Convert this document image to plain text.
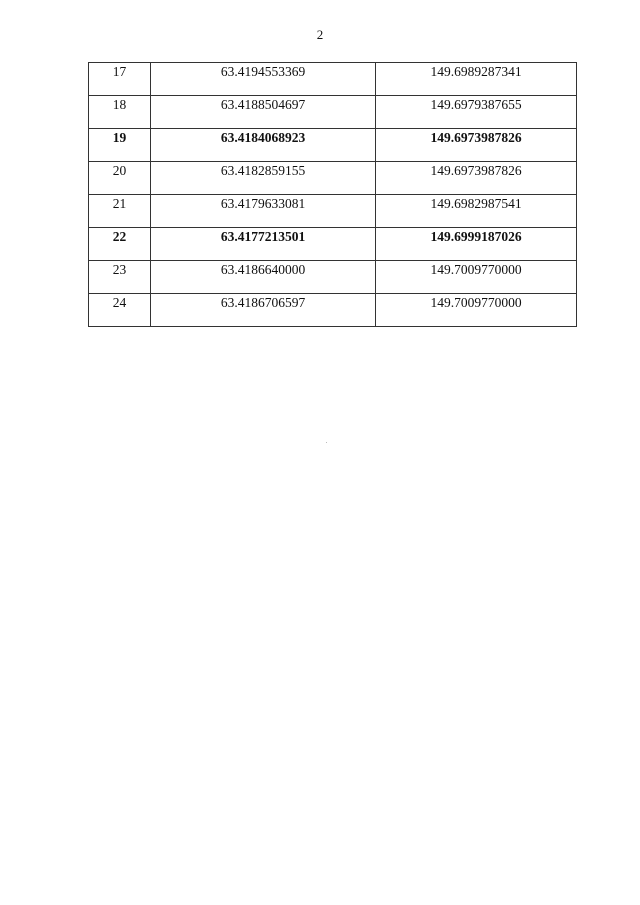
2
17	63.4194553369	149.6989287341
18	63.4188504697	149.6979387655
19	63.4184068923	149.6973987826
20	63.4182859155	149.6973987826
21	63.4179633081	149.6982987541
22	63.4177213501	149.6999187026
23	63.4186640000	149.7009770000
24	63.4186706597	149.7009770000
